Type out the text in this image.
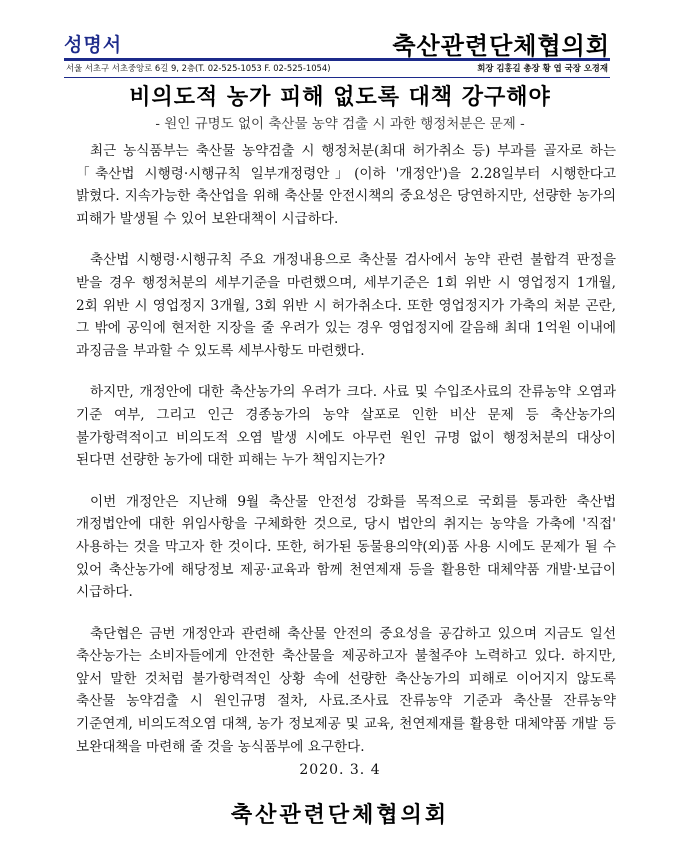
성명서	축산관련단체협의회
서울 서초구 서초중앙로 6길 9, 2층(T. 02-525-1053 F. 02-525-1054)	회장 김홍길 총장 황 엽 국장 오경재
비의도적 농가 피해 없도록 대책 강구해야
- 원인 규명도 없이 축산물 농약 검출 시 과한 행정처분은 문제 -

최근 농식품부는 축산물 농약검출 시 행정처분(최대 허가취소 등) 부과를 골자로 하는「축산법 시행령·시행규칙 일부개정령안」(이하 '개정안')을 2.28일부터 시행한다고 밝혔다. 지속가능한 축산업을 위해 축산물 안전시책의 중요성은 당연하지만, 선량한 농가의 피해가 발생될 수 있어 보완대책이 시급하다.

축산법 시행령·시행규칙 주요 개정내용으로 축산물 검사에서 농약 관련 불합격 판정을 받을 경우 행정처분의 세부기준을 마련했으며, 세부기준은 1회 위반 시 영업정지 1개월, 2회 위반 시 영업정지 3개월, 3회 위반 시 허가취소다. 또한 영업정지가 가축의 처분 곤란, 그 밖에 공익에 현저한 지장을 줄 우려가 있는 경우 영업정지에 갈음해 최대 1억원 이내에 과징금을 부과할 수 있도록 세부사항도 마련했다.

하지만, 개정안에 대한 축산농가의 우려가 크다. 사료 및 수입조사료의 잔류농약 오염과 기준 여부, 그리고 인근 경종농가의 농약 살포로 인한 비산 문제 등 축산농가의 불가항력적이고 비의도적 오염 발생 시에도 아무런 원인 규명 없이 행정처분의 대상이 된다면 선량한 농가에 대한 피해는 누가 책임지는가?

이번 개정안은 지난해 9월 축산물 안전성 강화를 목적으로 국회를 통과한 축산법 개정법안에 대한 위임사항을 구체화한 것으로, 당시 법안의 취지는 농약을 가축에 '직접' 사용하는 것을 막고자 한 것이다. 또한, 허가된 동물용의약(외)품 사용 시에도 문제가 될 수 있어 축산농가에 해당정보 제공·교육과 함께 천연제재 등을 활용한 대체약품 개발·보급이 시급하다.

축단협은 금번 개정안과 관련해 축산물 안전의 중요성을 공감하고 있으며 지금도 일선 축산농가는 소비자들에게 안전한 축산물을 제공하고자 불철주야 노력하고 있다. 하지만, 앞서 말한 것처럼 불가항력적인 상황 속에 선량한 축산농가의 피해로 이어지지 않도록 축산물 농약검출 시 원인규명 절차, 사료.조사료 잔류농약 기준과 축산물 잔류농약 기준연계, 비의도적오염 대책, 농가 정보제공 및 교육, 천연제재를 활용한 대체약품 개발 등 보완대책을 마련해 줄 것을 농식품부에 요구한다.

2020. 3. 4
축산관련단체협의회
